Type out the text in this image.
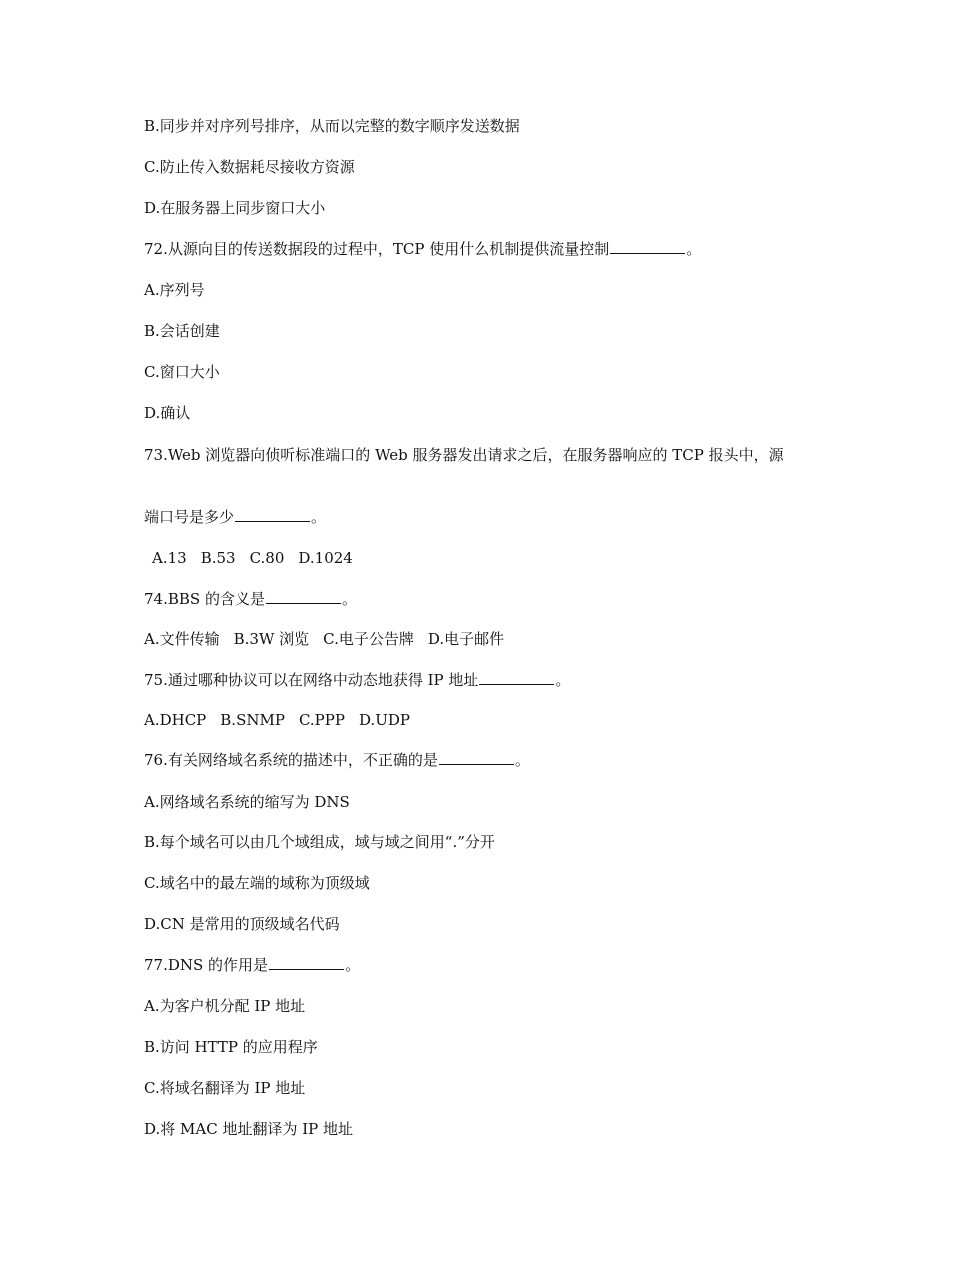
B.同步并对序列号排序，从而以完整的数字顺序发送数据
C.防止传入数据耗尽接收方资源
D.在服务器上同步窗口大小
72.从源向目的传送数据段的过程中，TCP 使用什么机制提供流量控制	。
A.序列号
B.会话创建
C.窗口大小
D.确认
73.Web 浏览器向侦听标准端口的 Web 服务器发出请求之后，在服务器响应的 TCP 报头中，源
端口号是多少	。
A.13 B.53 C.80 D.1024
74.BBS 的含义是	。
A.文件传输 B.3W 浏览 C.电子公告牌 D.电子邮件
75.通过哪种协议可以在网络中动态地获得 IP 地址	。
A.DHCP B.SNMP C.PPP D.UDP
76.有关网络域名系统的描述中，不正确的是	。
A.网络域名系统的缩写为 DNS
B.每个域名可以由几个域组成，域与域之间用“.”分开
C.域名中的最左端的域称为顶级域
D.CN 是常用的顶级域名代码
77.DNS 的作用是	。
A.为客户机分配 IP 地址
B.访问 HTTP 的应用程序
C.将域名翻译为 IP 地址
D.将 MAC 地址翻译为 IP 地址
